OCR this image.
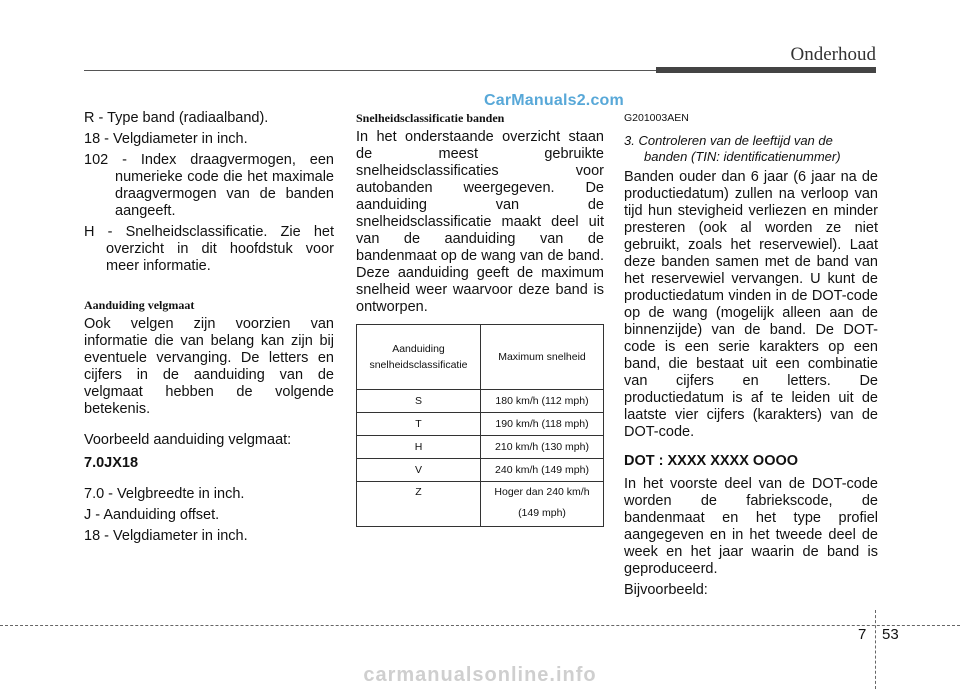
Onderhoud
CarManuals2.com

R - Type band (radiaalband).

18 - Velgdiameter in inch.

102 - Index draagvermogen, een numerieke code die het maximale draagvermogen van de banden aangeeft.

H - Snelheidsclassificatie. Zie het overzicht in dit hoofdstuk voor meer informatie.

Aanduiding velgmaat

Ook velgen zijn voorzien van informatie die van belang kan zijn bij eventuele vervanging. De letters en cijfers in de aanduiding van de velgmaat hebben de volgende betekenis.

Voorbeeld aanduiding velgmaat:

7.0JX18

7.0 - Velgbreedte in inch.

J - Aanduiding offset.

18 - Velgdiameter in inch.

Snelheidsclassificatie banden

In het onderstaande overzicht staan de meest gebruikte snelheidsclassificaties voor autobanden weergegeven. De aanduiding van de snelheidsclassificatie maakt deel uit van de aanduiding van de bandenmaat op de wang van de band. Deze aanduiding geeft de maximum snelheid weer waarvoor deze band is ontworpen.

Aanduiding
snelheidsclassificatie	Maximum snelheid
S	180 km/h (112 mph)
T	190 km/h (118 mph)
H	210 km/h (130 mph)
V	240 km/h (149 mph)

Z	Hoger dan 240 km/h
(149 mph)

G201003AEN

3. Controleren van de leeftijd van de
banden (TIN: identificatienummer)

Banden ouder dan 6 jaar (6 jaar na de productiedatum) zullen na verloop van tijd hun stevigheid verliezen en minder presteren (ook al worden ze niet gebruikt, zoals het reservewiel). Laat deze banden samen met de band van het reservewiel vervangen. U kunt de productiedatum vinden in de DOT-code op de wang (mogelijk alleen aan de binnenzijde) van de band. De DOT-code is een serie karakters op een band, die bestaat uit een combinatie van cijfers en letters. De productiedatum is af te leiden uit de laatste vier cijfers (karakters) van de DOT-code.

DOT : XXXX XXXX OOOO

In het voorste deel van de DOT-code worden de fabriekscode, de bandenmaat en het type profiel aangegeven en in het tweede deel de week en het jaar waarin de band is geproduceerd.

Bijvoorbeeld:

7 53
carmanualsonline.info
